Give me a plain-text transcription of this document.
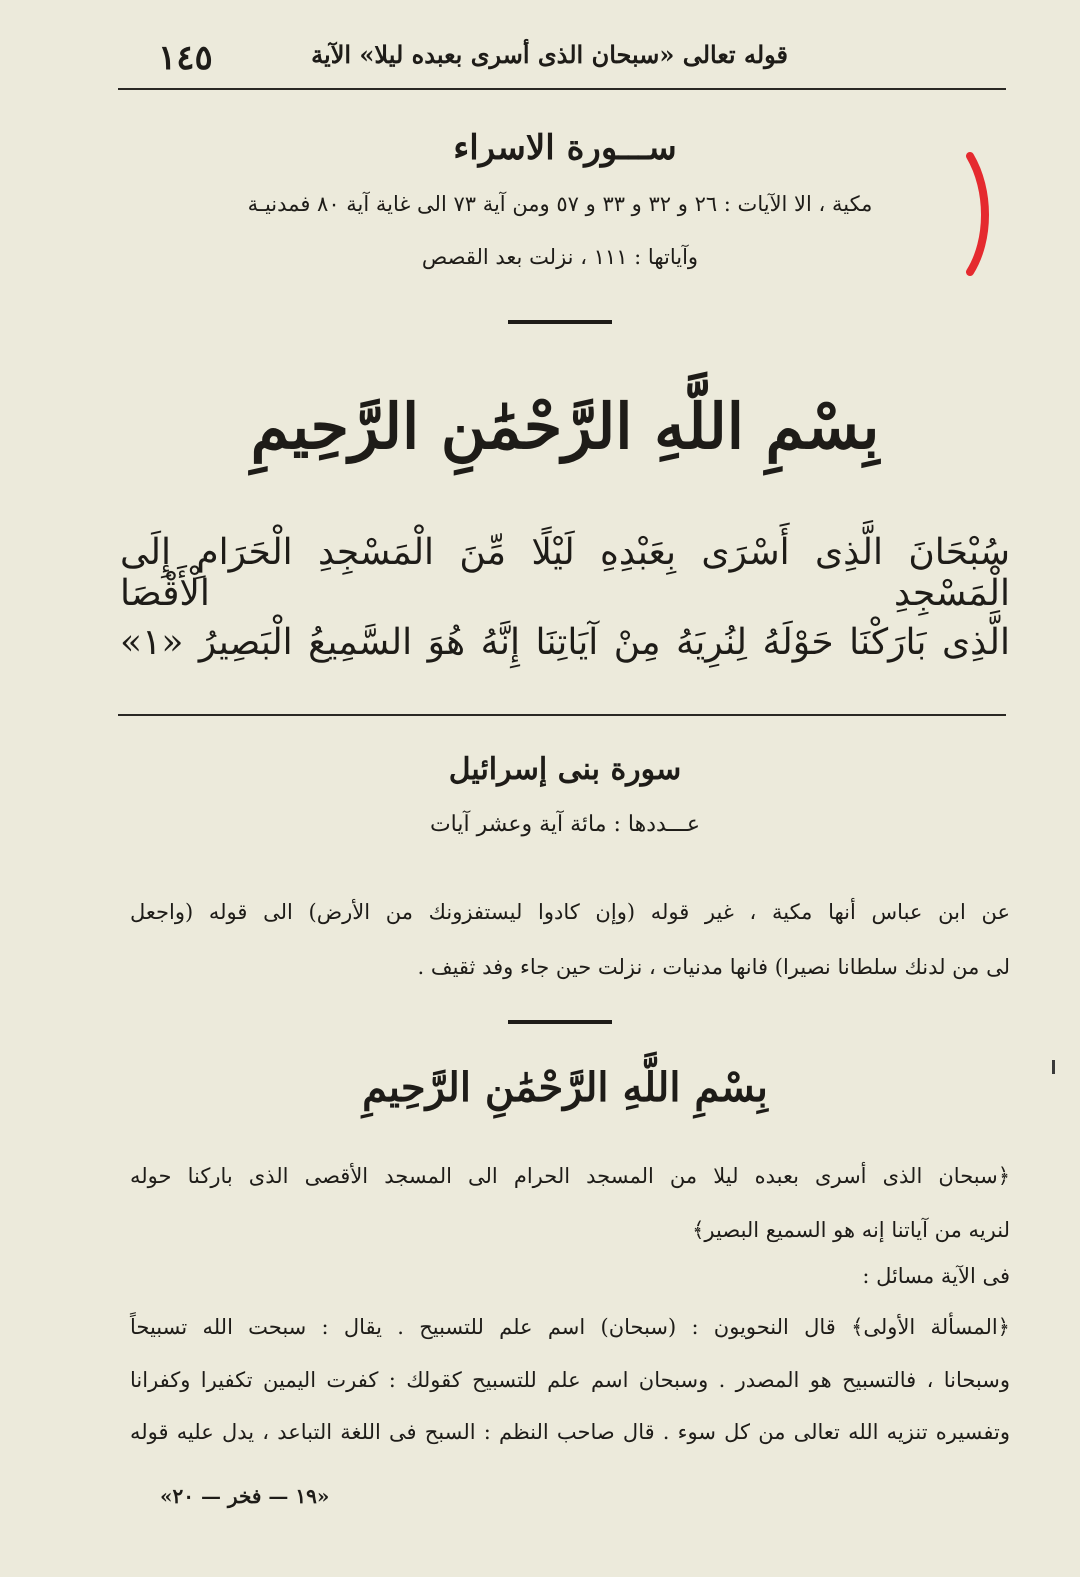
١٤٥	قوله تعالى «سبحان الذى أسرى بعبده ليلا» الآية
ســـورة الاسراء
مكية ، الا الآيات : ٢٦ و ٣٢ و ٣٣ و ٥٧ ومن آية ٧٣ الى غاية آية ٨٠ فمدنيـة
وآياتها : ١١١ ، نزلت بعد القصص
بِسْمِ اللَّهِ الرَّحْمَٰنِ الرَّحِيمِ
سُبْحَانَ الَّذِى أَسْرَى بِعَبْدِهِ لَيْلًا مِّنَ الْمَسْجِدِ الْحَرَامِ إِلَى الْمَسْجِدِ الْأَقْصَا
الَّذِى بَارَكْنَا حَوْلَهُ لِنُرِيَهُ مِنْ آيَاتِنَا إِنَّهُ هُوَ السَّمِيعُ الْبَصِيرُ «١»
سورة بنى إسرائيل
عـــددها : مائة آية وعشر آيات
عن ابن عباس أنها مكية ، غير قوله (وإن كادوا ليستفزونك من الأرض) الى قوله (واجعل
لى من لدنك سلطانا نصيرا) فانها مدنيات ، نزلت حين جاء وفد ثقيف .
بِسْمِ اللَّهِ الرَّحْمَٰنِ الرَّحِيمِ
﴿سبحان الذى أسرى بعبده ليلا من المسجد الحرام الى المسجد الأقصى الذى باركنا حوله
لنريه من آياتنا إنه هو السميع البصير﴾
فى الآية مسائل :
﴿المسألة الأولى﴾ قال النحويون : (سبحان) اسم علم للتسبيح . يقال : سبحت الله تسبيحاً
وسبحانا ، فالتسبيح هو المصدر . وسبحان اسم علم للتسبيح كقولك : كفرت اليمين تكفيرا وكفرانا
وتفسيره تنزيه الله تعالى من كل سوء . قال صاحب النظم : السبح فى اللغة التباعد ، يدل عليه قوله
«١٩ — فخر — ٢٠»
